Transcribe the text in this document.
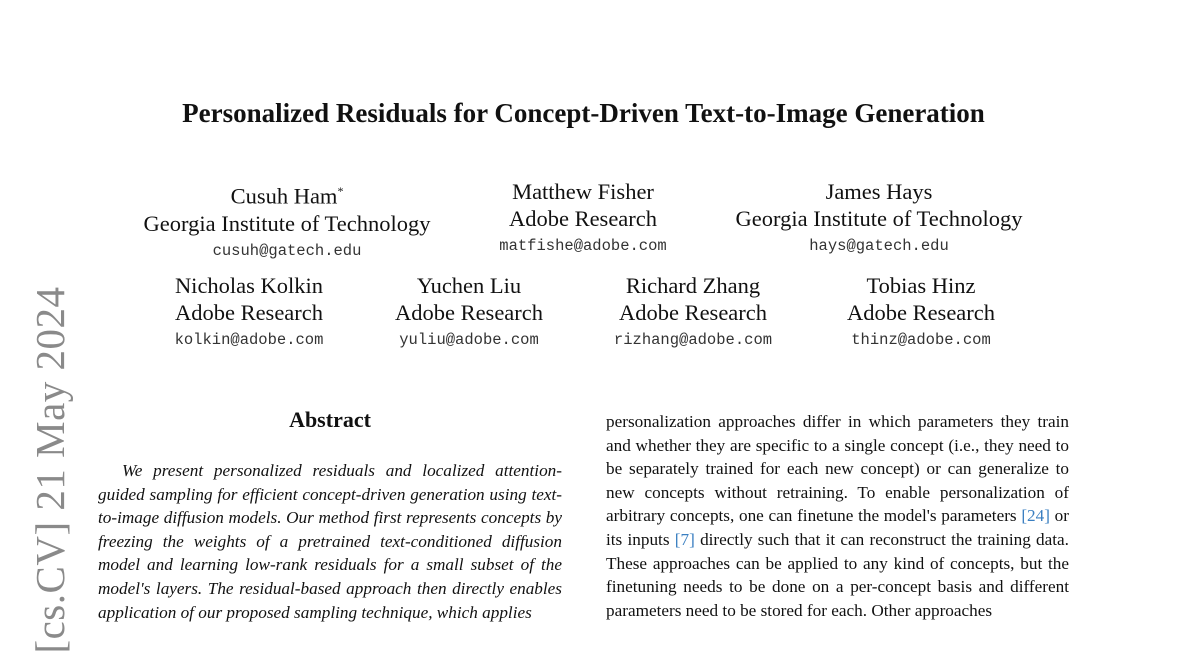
[cs.CV] 21 May 2024
Personalized Residuals for Concept-Driven Text-to-Image Generation
Cusuh Ham*
Georgia Institute of Technology
cusuh@gatech.edu
Matthew Fisher
Adobe Research
matfishe@adobe.com
James Hays
Georgia Institute of Technology
hays@gatech.edu
Nicholas Kolkin
Adobe Research
kolkin@adobe.com
Yuchen Liu
Adobe Research
yuliu@adobe.com
Richard Zhang
Adobe Research
rizhang@adobe.com
Tobias Hinz
Adobe Research
thinz@adobe.com
Abstract

We present personalized residuals and localized attention-guided sampling for efficient concept-driven generation using text-to-image diffusion models. Our method first represents concepts by freezing the weights of a pretrained text-conditioned diffusion model and learning low-rank residuals for a small subset of the model's layers. The residual-based approach then directly enables application of our proposed sampling technique, which applies

personalization approaches differ in which parameters they train and whether they are specific to a single concept (i.e., they need to be separately trained for each new concept) or can generalize to new concepts without retraining. To enable personalization of arbitrary concepts, one can finetune the model's parameters [24] or its inputs [7] directly such that it can reconstruct the training data. These approaches can be applied to any kind of concepts, but the finetuning needs to be done on a per-concept basis and different parameters need to be stored for each. Other approaches
